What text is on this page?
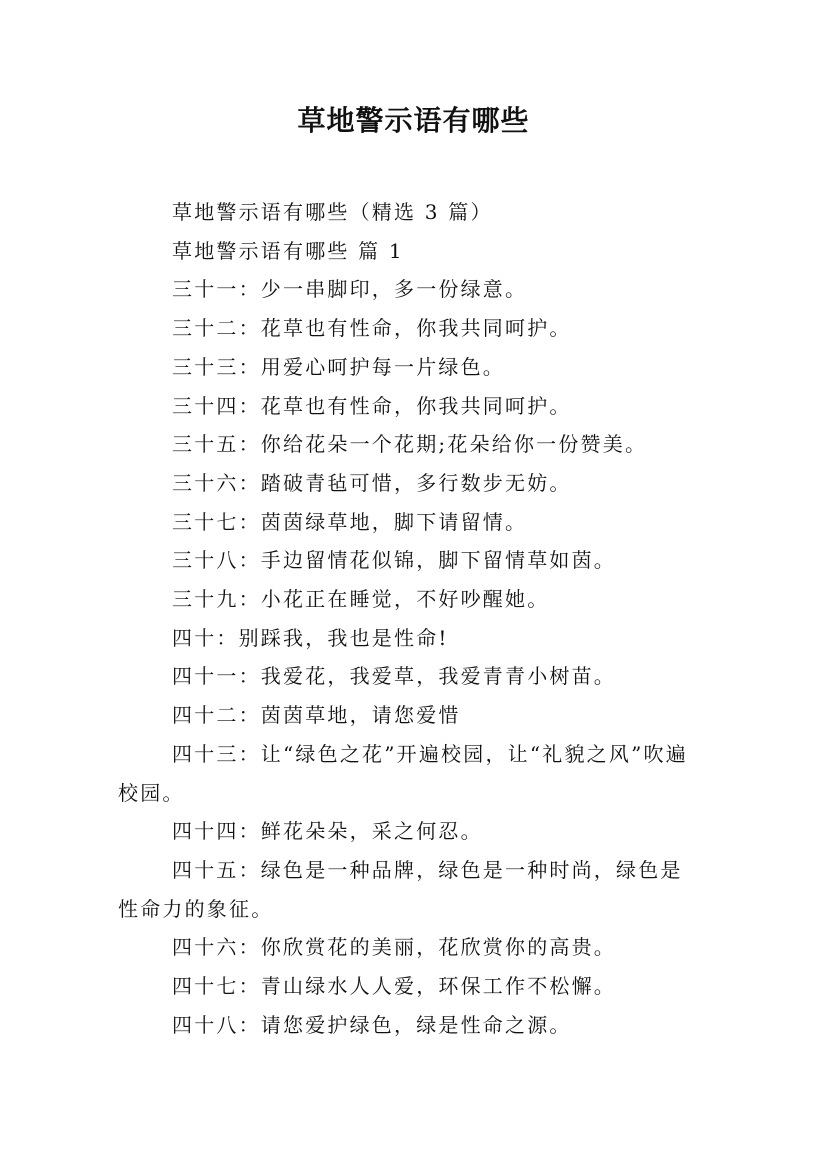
草地警示语有哪些

草地警示语有哪些（精选 3 篇）

草地警示语有哪些 篇 1

三十一：少一串脚印，多一份绿意。

三十二：花草也有性命，你我共同呵护。

三十三：用爱心呵护每一片绿色。

三十四：花草也有性命，你我共同呵护。

三十五：你给花朵一个花期;花朵给你一份赞美。

三十六：踏破青毡可惜，多行数步无妨。

三十七：茵茵绿草地，脚下请留情。

三十八：手边留情花似锦，脚下留情草如茵。

三十九：小花正在睡觉，不好吵醒她。

四十：别踩我，我也是性命!

四十一：我爱花，我爱草，我爱青青小树苗。

四十二：茵茵草地，请您爱惜

四十三：让“绿色之花”开遍校园，让“礼貌之风”吹遍校园。

四十四：鲜花朵朵，采之何忍。

四十五：绿色是一种品牌，绿色是一种时尚，绿色是性命力的象征。

四十六：你欣赏花的美丽，花欣赏你的高贵。

四十七：青山绿水人人爱，环保工作不松懈。

四十八：请您爱护绿色，绿是性命之源。
